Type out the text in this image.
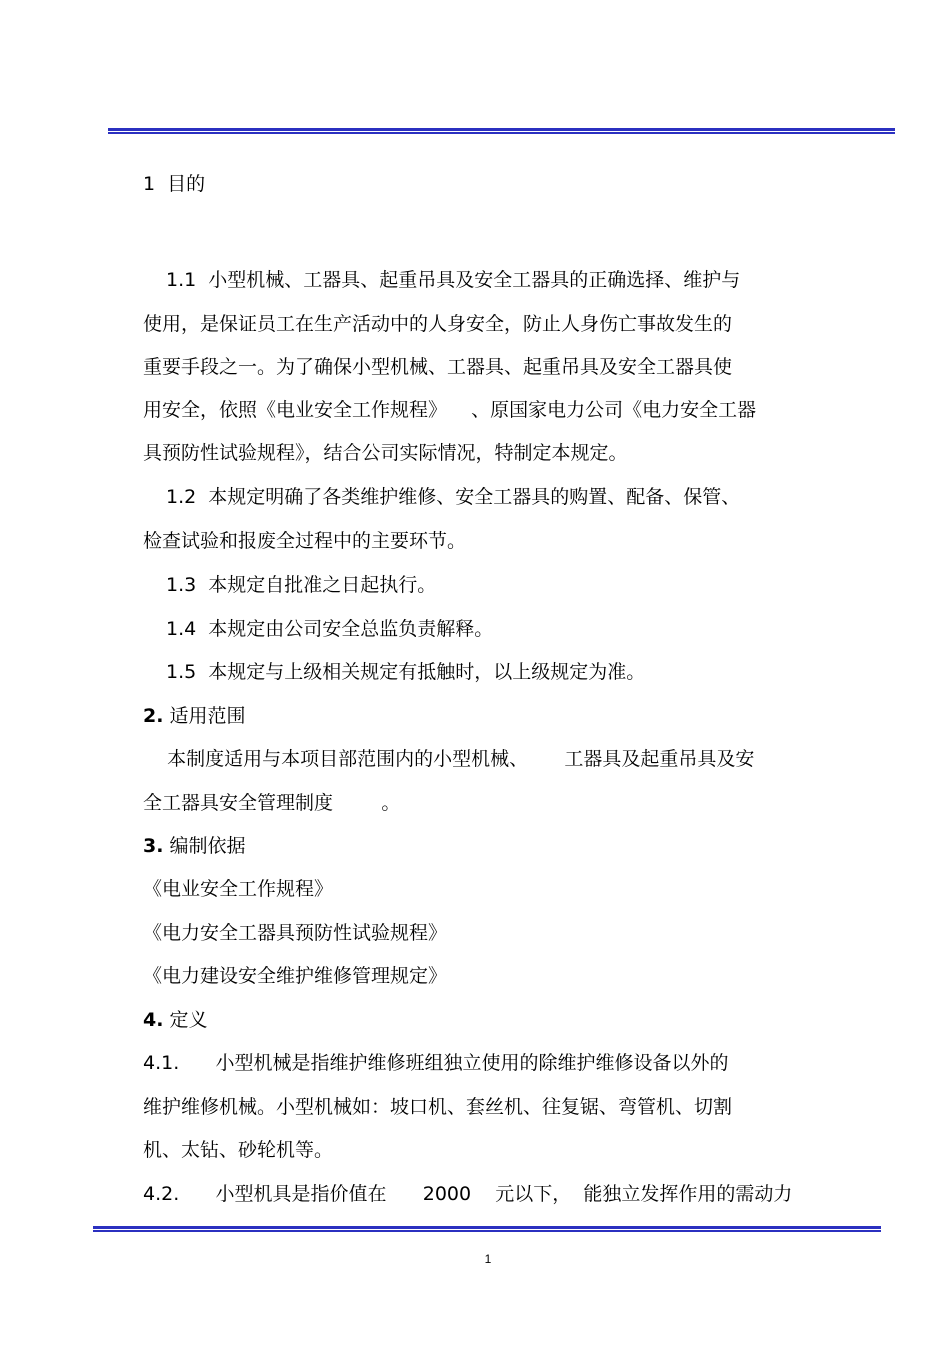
1  目的
1.1  小型机械、工器具、起重吊具及安全工器具的正确选择、维护与
使用，是保证员工在生产活动中的人身安全，防止人身伤亡事故发生的
重要手段之一。为了确保小型机械、工器具、起重吊具及安全工器具使
用安全，依照《电业安全工作规程》    、原国家电力公司《电力安全工器
具预防性试验规程》，结合公司实际情况，特制定本规定。
1.2  本规定明确了各类维护维修、安全工器具的购置、配备、保管、
检查试验和报废全过程中的主要环节。
1.3  本规定自批准之日起执行。
1.4  本规定由公司安全总监负责解释。
1.5  本规定与上级相关规定有抵触时，以上级规定为准。
2. 适用范围
本制度适用与本项目部范围内的小型机械、      工器具及起重吊具及安
全工器具安全管理制度        。
3. 编制依据
《电业安全工作规程》
《电力安全工器具预防性试验规程》
《电力建设安全维护维修管理规定》
4. 定义
4.1.      小型机械是指维护维修班组独立使用的除维护维修设备以外的
维护维修机械。小型机械如：坡口机、套丝机、往复锯、弯管机、切割
机、太钻、砂轮机等。
4.2.      小型机具是指价值在      2000    元以下，  能独立发挥作用的需动力
1
